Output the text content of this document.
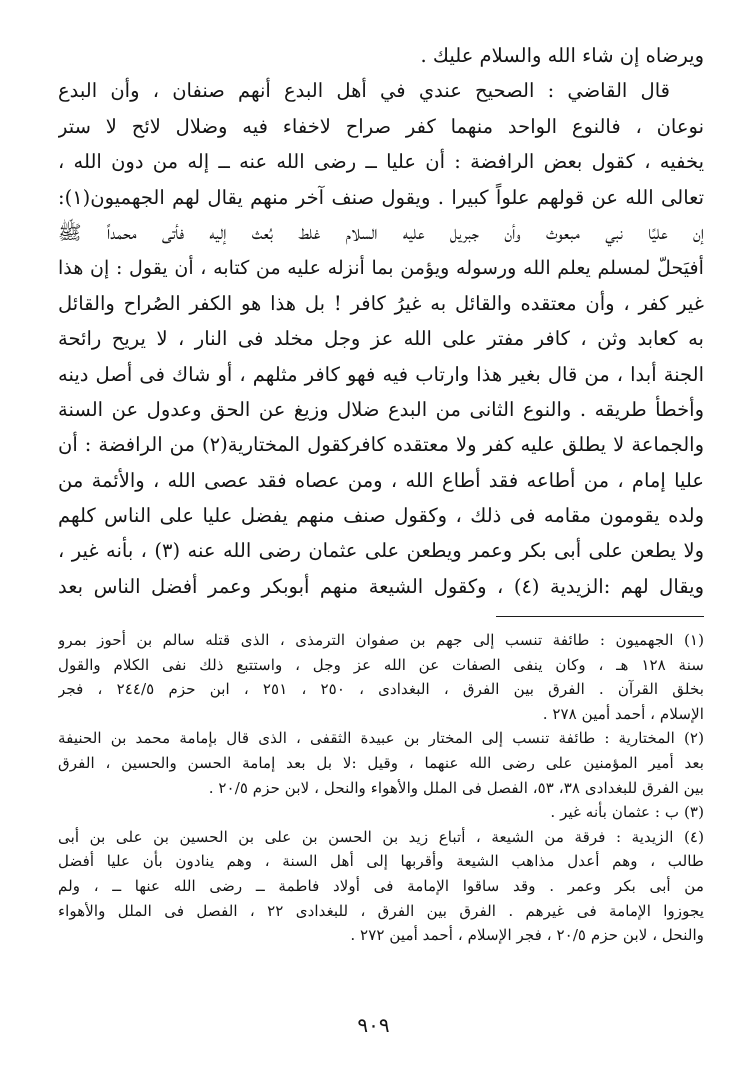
ويرضاه إن شاء الله والسلام عليك .
قال القاضي : الصحيح عندي في أهل البدع أنهم صنفان ، وأن البدع
نوعان ، فالنوع الواحد منهما كفر صراح لاخفاء فيه وضلال لائح لا ستر
يخفيه ، كقول بعض الرافضة : أن عليا ــ رضى الله عنه ــ إله من دون الله ،
تعالى الله عن قولهم علواً كبيرا . ويقول صنف آخر منهم يقال لهم الجهميون(١):
إن عليًا نبي مبعوث وأن جبريل عليه السلام غلط بُعث إليه فأتى محمداً ﷺ
أفيَحلّ لمسلم يعلم الله ورسوله ويؤمن بما أنزله عليه من كتابه ، أن يقول : إن هذا
غير كفر ، وأن معتقده والقائل به غيرُ كافر ! بل هذا هو الكفر الصُراح والقائل
به كعابد وثن ، كافر مفتر على الله عز وجل مخلد فى النار ، لا يريح رائحة
الجنة أبدا ، من قال بغير هذا وارتاب فيه فهو كافر مثلهم ، أو شاك فى أصل دينه
وأخطأ طريقه . والنوع الثانى من البدع ضلال وزيغ عن الحق وعدول عن السنة
والجماعة لا يطلق عليه كفر ولا معتقده كافركقول المختارية(٢) من الرافضة : أن
عليا إمام ، من أطاعه فقد أطاع الله ، ومن عصاه فقد عصى الله ، والأئمة من
ولده يقومون مقامه فى ذلك ، وكقول صنف منهم يفضل عليا على الناس كلهم
ولا يطعن على أبى بكر وعمر ويطعن على عثمان رضى الله عنه (٣) ، بأنه غير ،
ويقال لهم :الزيدية (٤) ، وكقول الشيعة منهم أبوبكر وعمر أفضل الناس بعد
(١) الجهميون : طائفة تنسب إلى جهم بن صفوان الترمذى ، الذى قتله سالم بن أحوز بمرو
سنة ١٢٨ هـ ، وكان ينفى الصفات عن الله عز وجل ، واستتبع ذلك نفى الكلام والقول
بخلق القرآن . الفرق بين الفرق ، البغدادى ، ٢٥٠ ، ٢٥١ ، ابن حزم ٢٤٤/٥ ، فجر
الإسلام ، أحمد أمين ٢٧٨ .
(٢) المختارية : طائفة تنسب إلى المختار بن عبيدة الثقفى ، الذى قال بإمامة محمد بن الحنيفة
بعد أمير المؤمنين على رضى الله عنهما ، وقيل :لا بل بعد إمامة الحسن والحسين ، الفرق
بين الفرق للبغدادى ٣٨، ٥٣، الفصل فى الملل والأهواء والنحل ، لابن حزم ٢٠/٥ .
(٣) ب : عثمان بأنه غير .
(٤) الزيدية : فرقة من الشيعة ، أتباع زيد بن الحسن بن على بن الحسين بن على بن أبى
طالب ، وهم أعدل مذاهب الشيعة وأقربها إلى أهل السنة ، وهم ينادون بأن عليا أفضل
من أبى بكر وعمر . وقد ساقوا الإمامة فى أولاد فاطمة ــ رضى الله عنها ــ ، ولم
يجوزوا الإمامة فى غيرهم . الفرق بين الفرق ، للبغدادى ٢٢ ، الفصل فى الملل والأهواء
والنحل ، لابن حزم ٢٠/٥ ، فجر الإسلام ، أحمد أمين ٢٧٢ .
٩٠٩
